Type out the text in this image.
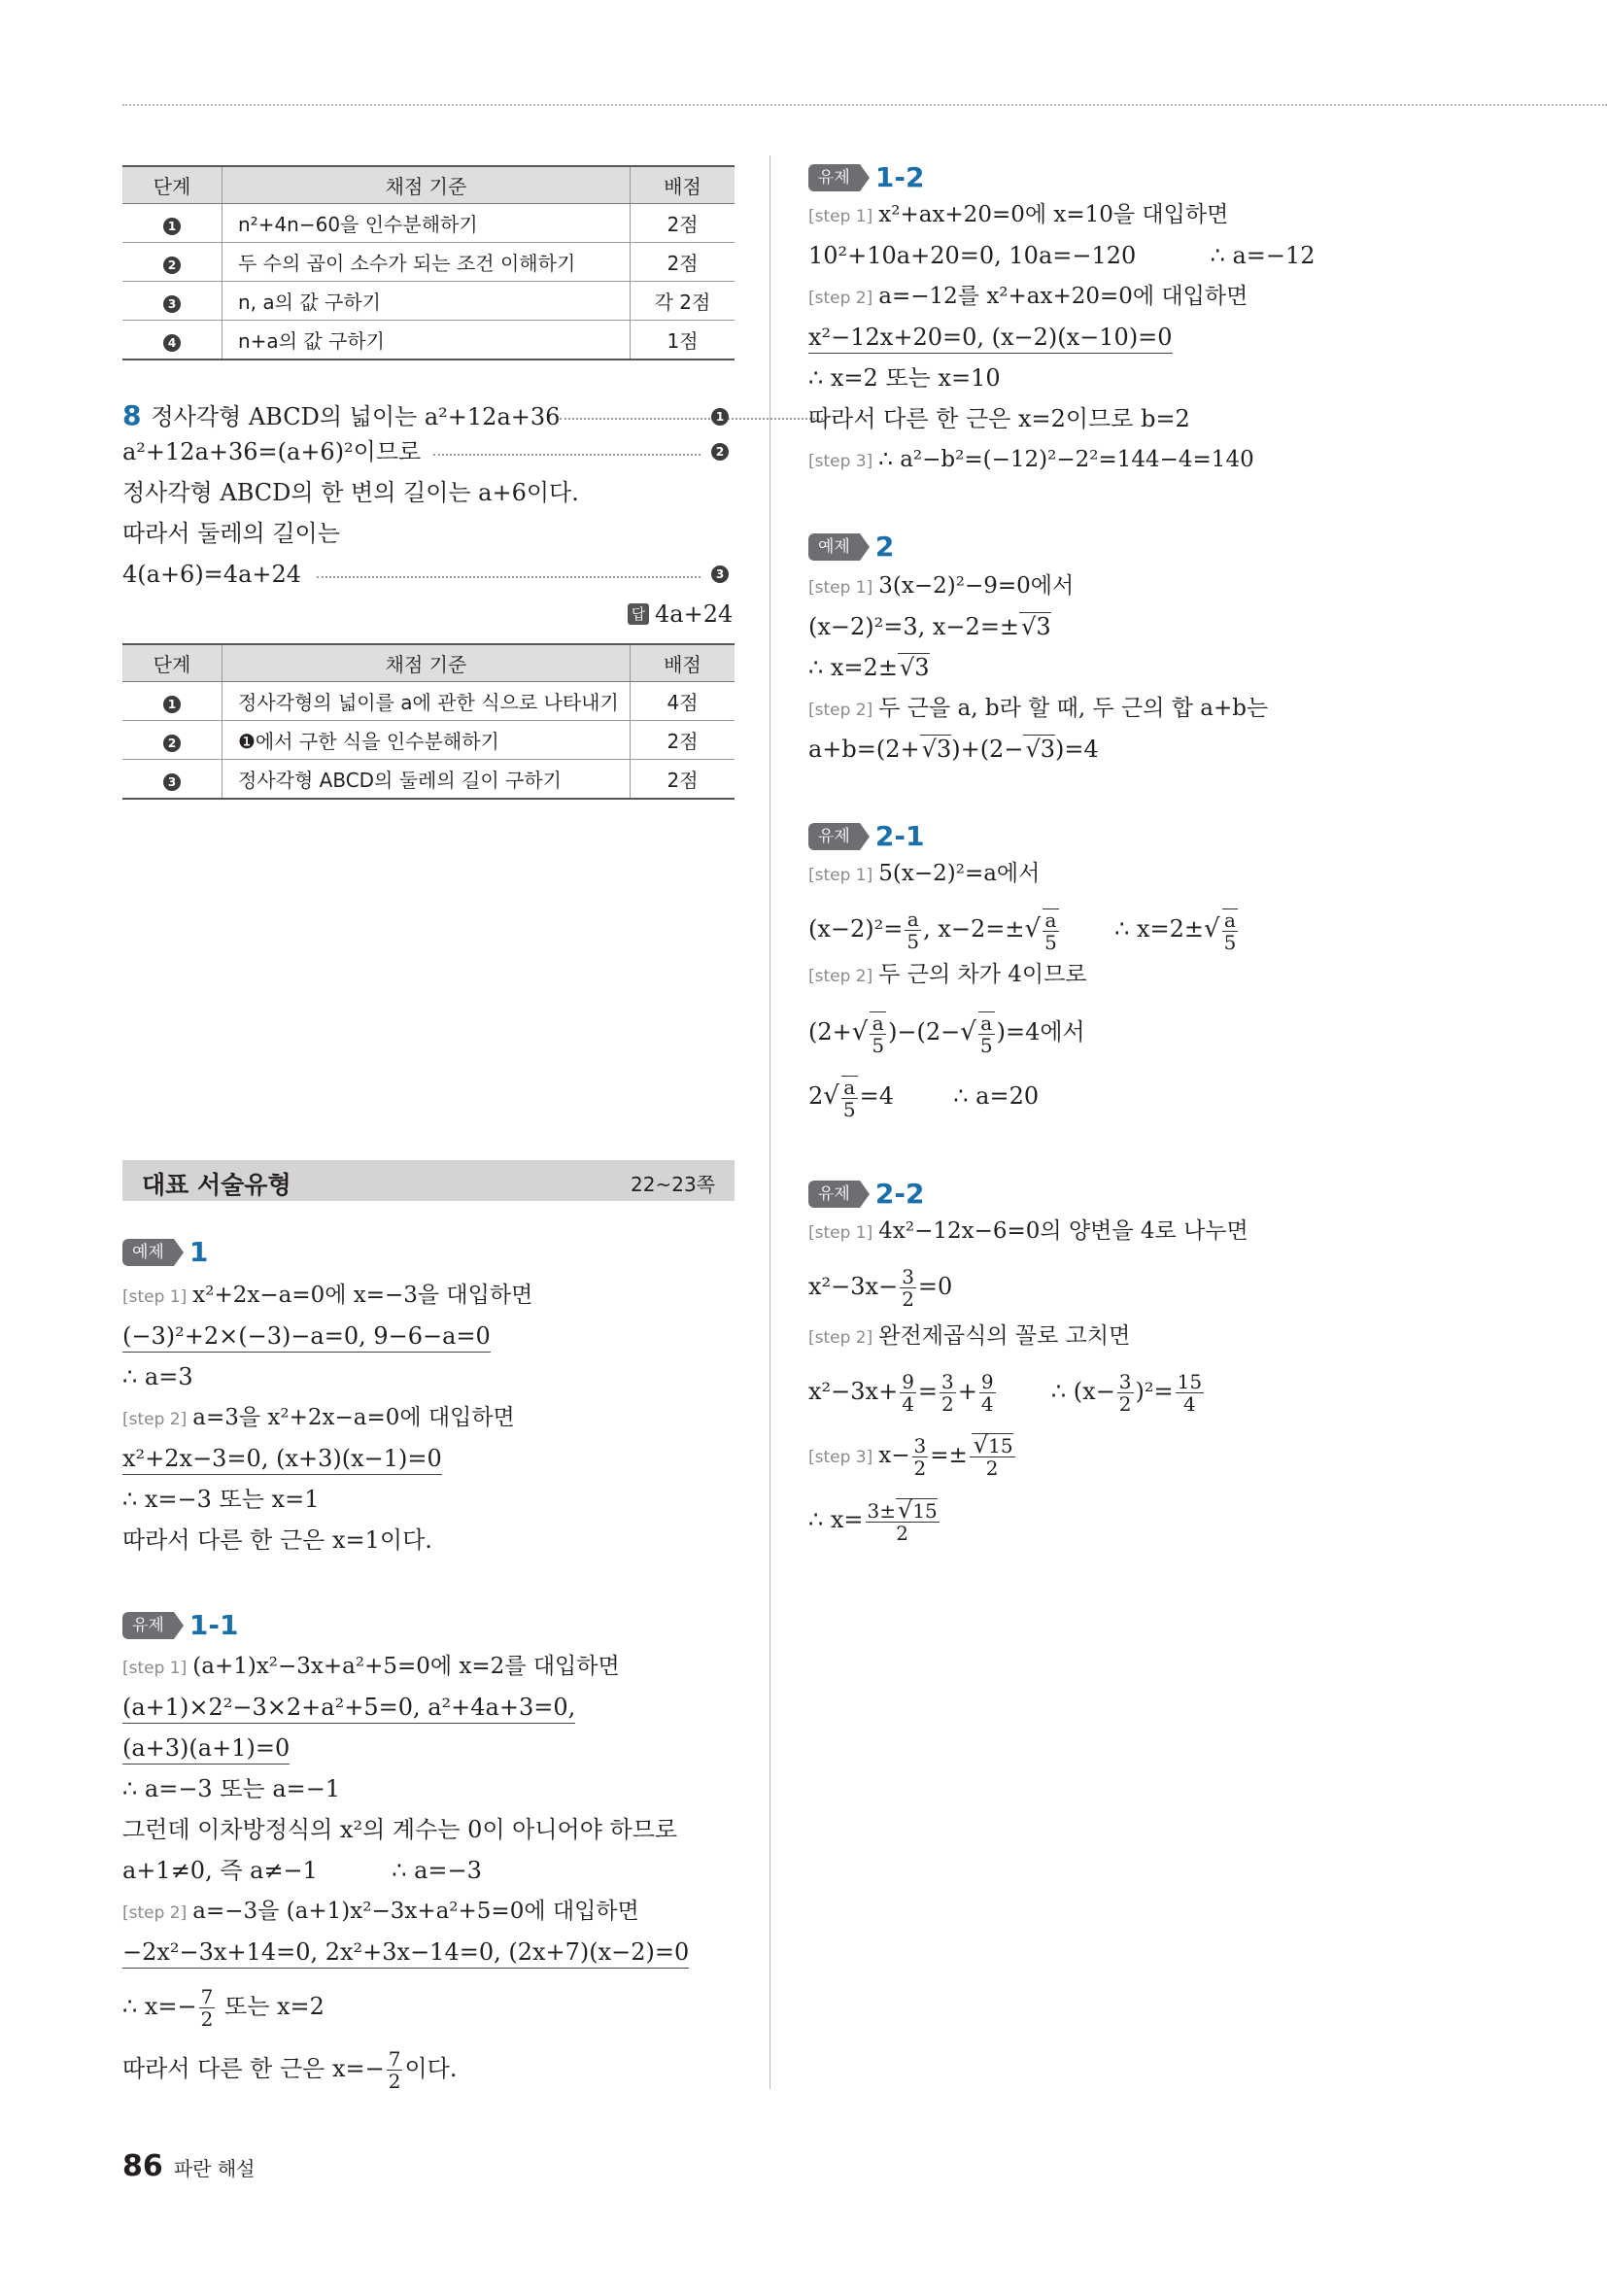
단계	채점 기준	배점
1	n²+4n−60을 인수분해하기	2점
2	두 수의 곱이 소수가 되는 조건 이해하기	2점
3	n, a의 값 구하기	각 2점
4	n+a의 값 구하기	1점
8 정사각형 ABCD의 넓이는 a²+12a+36	1
a²+12a+36=(a+6)²이므로	2
정사각형 ABCD의 한 변의 길이는 a+6이다.
따라서 둘레의 길이는
4(a+6)=4a+24	3
답 4a+24
단계	채점 기준	배점
1	정사각형의 넓이를 a에 관한 식으로 나타내기	4점
2	❶에서 구한 식을 인수분해하기	2점
3	정사각형 ABCD의 둘레의 길이 구하기	2점
대표 서술유형	22~23쪽
예제 1
[step 1] x²+2x−a=0에 x=−3을 대입하면
(−3)²+2×(−3)−a=0, 9−6−a=0
∴ a=3
[step 2] a=3을 x²+2x−a=0에 대입하면
x²+2x−3=0, (x+3)(x−1)=0
∴ x=−3 또는 x=1
따라서 다른 한 근은 x=1이다.
유제 1-1
[step 1] (a+1)x²−3x+a²+5=0에 x=2를 대입하면
(a+1)×2²−3×2+a²+5=0, a²+4a+3=0,
(a+3)(a+1)=0
∴ a=−3 또는 a=−1
그런데 이차방정식의 x²의 계수는 0이 아니어야 하므로
a+1≠0, 즉 a≠−1          ∴ a=−3
[step 2] a=−3을 (a+1)x²−3x+a²+5=0에 대입하면
−2x²−3x+14=0, 2x²+3x−14=0, (2x+7)(x−2)=0
∴ $x=- \frac{7}{2}$ 또는 x=2
따라서 다른 한 근은 $x=- \frac{7}{2}$ 이다.
유제 1-2
[step 1] x²+ax+20=0에 x=10을 대입하면
10²+10a+20=0, 10a=−120          ∴ a=−12
[step 2] a=−12를 x²+ax+20=0에 대입하면
x²−12x+20=0, (x−2)(x−10)=0
∴ x=2 또는 x=10
따라서 다른 한 근은 x=2이므로 b=2
[step 3] ∴ a²−b²=(−12)²−2²=144−4=140
예제 2
[step 1] 3(x−2)²−9=0에서
(x−2)²=3, x−2=± √ 3
∴ x=2± √ 3
[step 2] 두 근을 a, b라 할 때, 두 근의 합 a+b는
a+b=(2+ √ 3)+(2− √ 3)=4
유제 2-1
[step 1] 5(x−2)²=a에서
$(x-2)^2= \frac{a}{5}$ , $x-2=\pm√ \frac{a}{5}$ ∴ $x=2\pm√ \frac{a}{5}$
[step 2] 두 근의 차가 4이므로
$(2+√ \frac{a}{5} )-(2-√ \frac{a}{5} )=4$에서
$2√ \frac{a}{5} =4$	∴ a=20
유제 2-2
[step 1] 4x²−12x−6=0의 양변을 4로 나누면
$x^2-3x- \frac{3}{2} =0$
[step 2] 완전제곱식의 꼴로 고치면
$x^2-3x+ \frac{9}{4} = \frac{3}{2} + \frac{9}{4}$ ∴ $(x- \frac{3}{2} )^2= \frac{15}{4}$
[step 3] $x- \frac{3}{2}$ =± √ $\frac{15}{2}$
∴ $x= \frac{3\pm √ 15}{2}$
86 파란 해설
